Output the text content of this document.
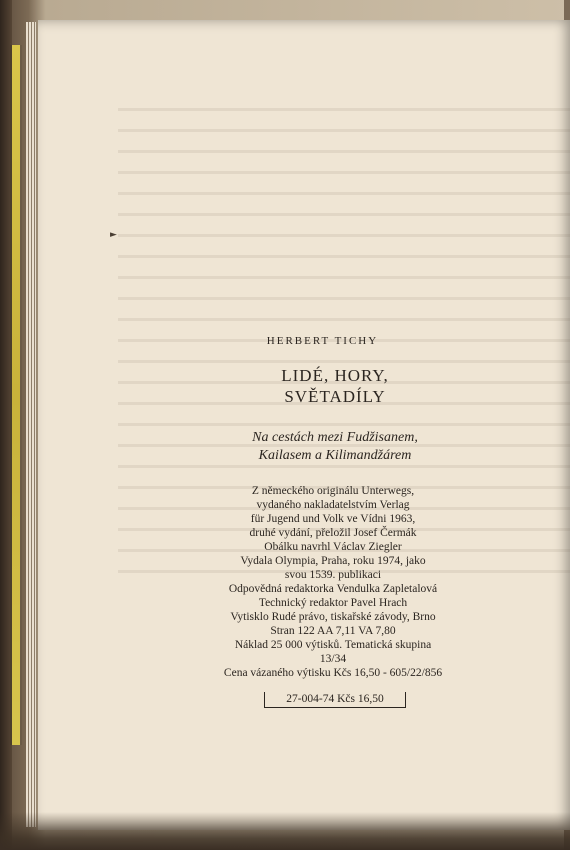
►
HERBERT TICHY
LIDÉ, HORY,
SVĚTADÍLY
Na cestách mezi Fudžisanem,
Kailasem a Kilimandžárem
Z německého originálu Unterwegs,
vydaného nakladatelstvím Verlag
für Jugend und Volk ve Vídni 1963,
druhé vydání, přeložil Josef Čermák
Obálku navrhl Václav Ziegler
Vydala Olympia, Praha, roku 1974, jako
svou 1539. publikaci
Odpovědná redaktorka Vendulka Zapletalová
Technický redaktor Pavel Hrach
Vytisklo Rudé právo, tiskařské závody, Brno
Stran 122 AA 7,11 VA 7,80
Náklad 25 000 výtisků. Tematická skupina
13/34
Cena vázaného výtisku Kčs 16,50 - 605/22/856
27-004-74 Kčs 16,50
